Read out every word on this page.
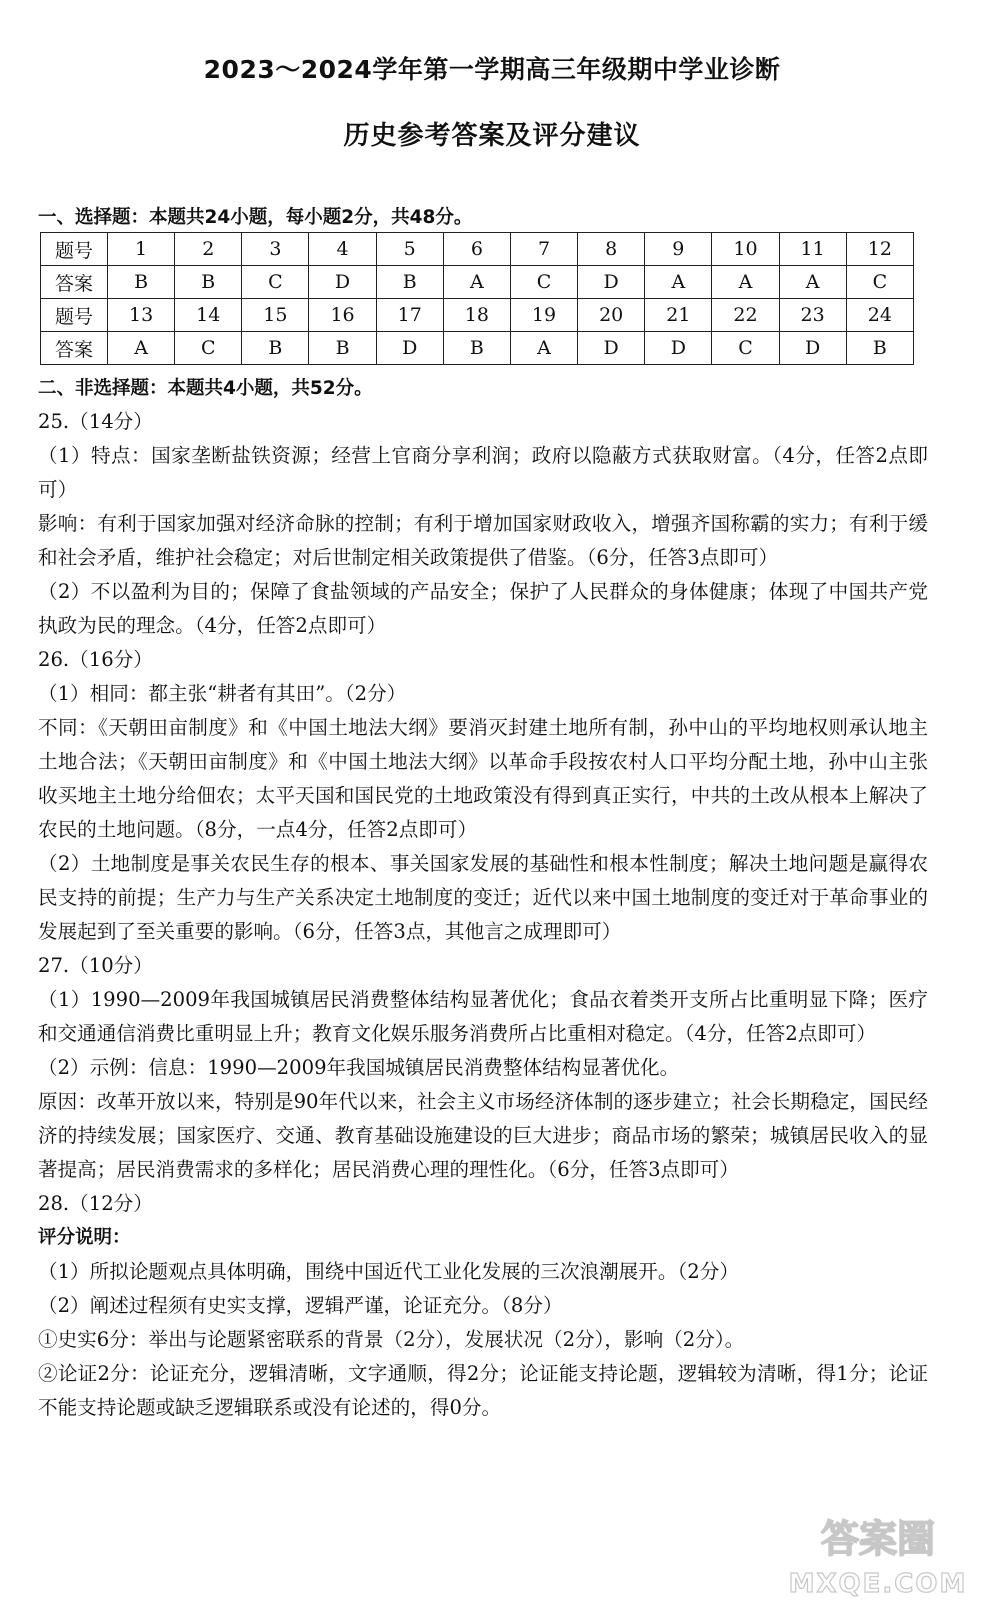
2023～2024学年第一学期高三年级期中学业诊断
历史参考答案及评分建议
一、选择题：本题共24小题，每小题2分，共48分。
题号	1	2	3	4	5	6	7	8	9	10	11	12
答案	B	B	C	D	B	A	C	D	A	A	A	C
题号	13	14	15	16	17	18	19	20	21	22	23	24
答案	A	C	B	B	D	B	A	D	D	C	D	B
二、非选择题：本题共4小题，共52分。

25.（14分）

（1）特点：国家垄断盐铁资源；经营上官商分享利润；政府以隐蔽方式获取财富。（4分，任答2点即可）

影响：有利于国家加强对经济命脉的控制；有利于增加国家财政收入，增强齐国称霸的实力；有利于缓和社会矛盾，维护社会稳定；对后世制定相关政策提供了借鉴。（6分，任答3点即可）

（2）不以盈利为目的；保障了食盐领域的产品安全；保护了人民群众的身体健康；体现了中国共产党执政为民的理念。（4分，任答2点即可）

26.（16分）

（1）相同：都主张“耕者有其田”。（2分）

不同：《天朝田亩制度》和《中国土地法大纲》要消灭封建土地所有制，孙中山的平均地权则承认地主土地合法；《天朝田亩制度》和《中国土地法大纲》以革命手段按农村人口平均分配土地，孙中山主张收买地主土地分给佃农；太平天国和国民党的土地政策没有得到真正实行，中共的土改从根本上解决了农民的土地问题。（8分，一点4分，任答2点即可）

（2）土地制度是事关农民生存的根本、事关国家发展的基础性和根本性制度；解决土地问题是赢得农民支持的前提；生产力与生产关系决定土地制度的变迁；近代以来中国土地制度的变迁对于革命事业的发展起到了至关重要的影响。（6分，任答3点，其他言之成理即可）

27.（10分）

（1）1990—2009年我国城镇居民消费整体结构显著优化；食品衣着类开支所占比重明显下降；医疗和交通通信消费比重明显上升；教育文化娱乐服务消费所占比重相对稳定。（4分，任答2点即可）

（2）示例：信息：1990—2009年我国城镇居民消费整体结构显著优化。

原因：改革开放以来，特别是90年代以来，社会主义市场经济体制的逐步建立；社会长期稳定，国民经济的持续发展；国家医疗、交通、教育基础设施建设的巨大进步；商品市场的繁荣；城镇居民收入的显著提高；居民消费需求的多样化；居民消费心理的理性化。（6分，任答3点即可）

28.（12分）

评分说明：

（1）所拟论题观点具体明确，围绕中国近代工业化发展的三次浪潮展开。（2分）

（2）阐述过程须有史实支撑，逻辑严谨，论证充分。（8分）

①史实6分：举出与论题紧密联系的背景（2分），发展状况（2分），影响（2分）。

②论证2分：论证充分，逻辑清晰，文字通顺，得2分；论证能支持论题，逻辑较为清晰，得1分；论证不能支持论题或缺乏逻辑联系或没有论述的，得0分。

答案圈
MXQE.COM
